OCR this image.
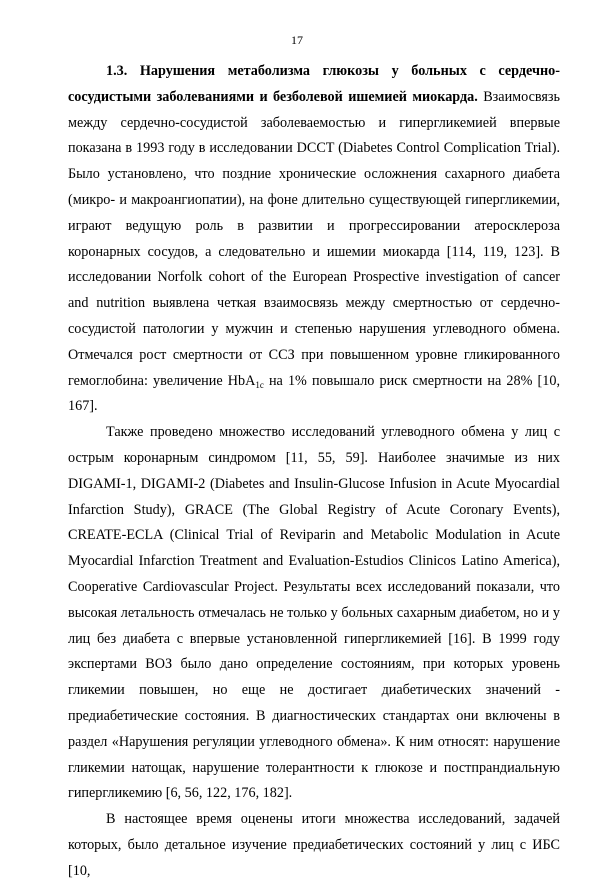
17

1.3. Нарушения метаболизма глюкозы у больных с сердечно-сосудистыми заболеваниями и безболевой ишемией миокарда. Взаимосвязь между сердечно-сосудистой заболеваемостью и гипергликемией впервые показана в 1993 году в исследовании DCCT (Diabetes Control Complication Trial). Было установлено, что поздние хронические осложнения сахарного диабета (микро- и макроангиопатии), на фоне длительно существующей гипергликемии, играют ведущую роль в развитии и прогрессировании атеросклероза коронарных сосудов, а следовательно и ишемии миокарда [114, 119, 123]. В исследовании Norfolk cohort of the European Prospective investigation of cancer and nutrition выявлена четкая взаимосвязь между смертностью от сердечно-сосудистой патологии у мужчин и степенью нарушения углеводного обмена. Отмечался рост смертности от ССЗ при повышенном уровне гликированного гемоглобина: увеличение HbA$_{1c}$ на 1% повышало риск смертности на 28% [10, 167].

Также проведено множество исследований углеводного обмена у лиц с острым коронарным синдромом [11, 55, 59]. Наиболее значимые из них DIGAMI-1, DIGAMI-2 (Diabetes and Insulin-Glucose Infusion in Acute Myocardial Infarction Study), GRACE (The Global Registry of Acute Coronary Events), CREATE-ECLA (Clinical Trial of Reviparin and Metabolic Modulation in Acute Myocardial Infarction Treatment and Evaluation-Estudios Clinicos Latino America), Cooperative Cardiovascular Project. Результаты всех исследований показали, что высокая летальность отмечалась не только у больных сахарным диабетом, но и у лиц без диабета с впервые установленной гипергликемией [16]. В 1999 году экспертами ВОЗ было дано определение состояниям, при которых уровень гликемии повышен, но еще не достигает диабетических значений - предиабетические состояния. В диагностических стандартах они включены в раздел «Нарушения регуляции углеводного обмена». К ним относят: нарушение гликемии натощак, нарушение толерантности к глюкозе и постпрандиальную гипергликемию [6, 56, 122, 176, 182].

В настоящее время оценены итоги множества исследований, задачей которых, было детальное изучение предиабетических состояний у лиц с ИБС [10,
